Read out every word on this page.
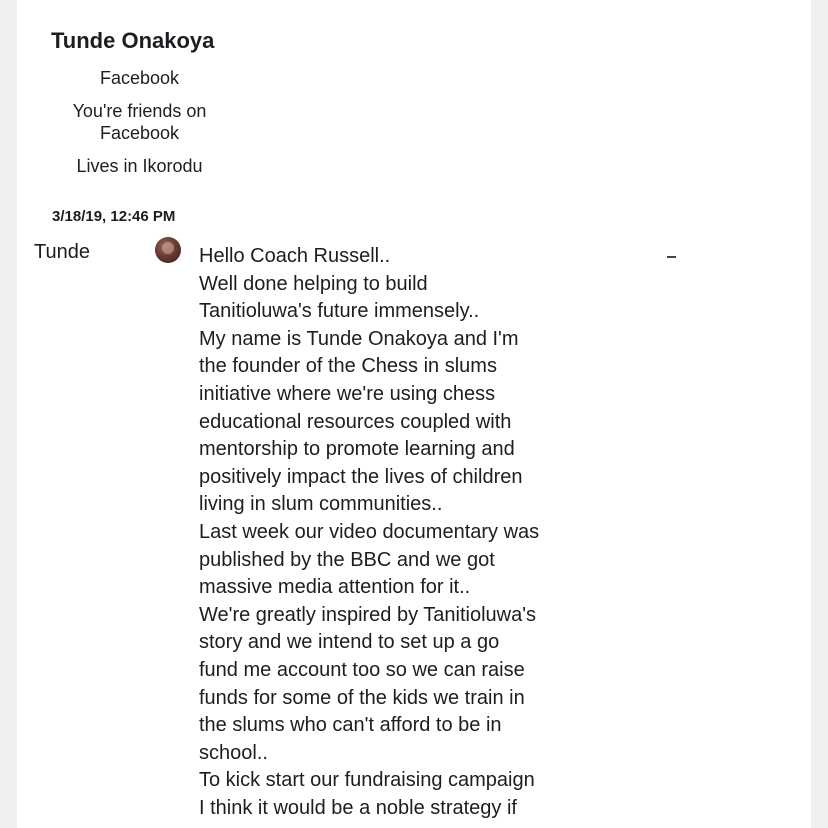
Tunde Onakoya
Facebook
You're friends on
Facebook
Lives in Ikorodu
3/18/19, 12:46 PM
Tunde	Hello Coach Russell..
Well done helping to build
Tanitioluwa's future immensely..
My name is Tunde Onakoya and I'm
the founder of the Chess in slums
initiative where we're using chess
educational resources coupled with
mentorship to promote learning and
positively impact the lives of children
living in slum communities..
Last week our video documentary was
published by the BBC and we got
massive media attention for it..
We're greatly inspired by Tanitioluwa's
story and we intend to set up a go
fund me account too so we can raise
funds for some of the kids we train in
the slums who can't afford to be in
school..
To kick start our fundraising campaign
I think it would be a noble strategy if
